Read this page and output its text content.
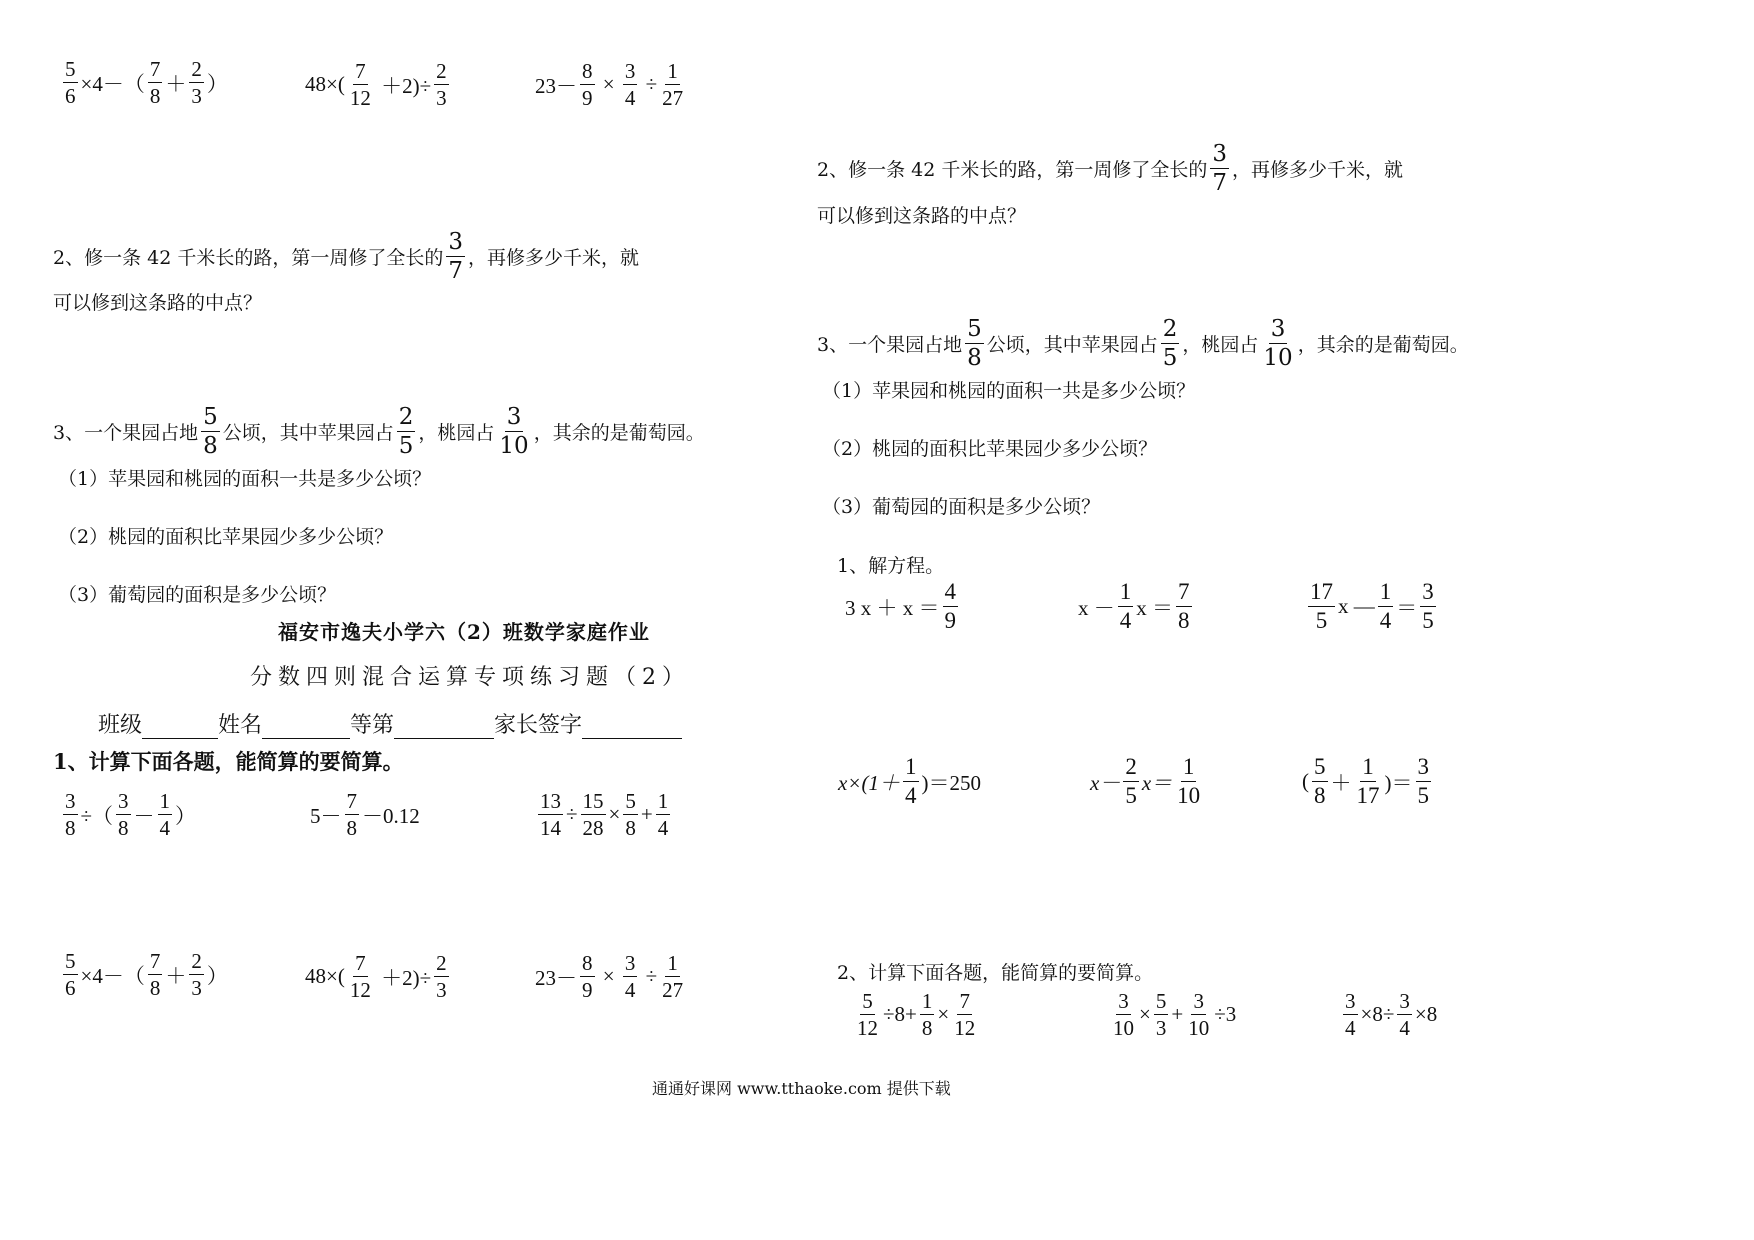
$\frac{5}{6} \times 4-( \frac{7}{8} + \frac{2}{3}$ ）	$48\times( \frac{7}{12} +2)\div \frac{2}{3}$	$23- \frac{8}{9} \times \frac{3}{4} \div \frac{1}{27}$
2、修一条 42 千米长的路，第一周修了全长的 $\frac{3}{7}$ ，再修多少千米，就
可以修到这条路的中点？
3、一个果园占地 $\frac{5}{8}$ 公顷，其中苹果园占 $\frac{2}{5}$ ，桃园占 $\frac{3}{10}$ ，其余的是葡萄园。
（1）苹果园和桃园的面积一共是多少公顷？
（2）桃园的面积比苹果园少多少公顷？
（3）葡萄园的面积是多少公顷？
福安市逸夫小学六（2）班数学家庭作业
分数四则混合运算专项练习题（2）
班级	姓名	等第	家长签字
1、计算下面各题，能简算的要简算。
$\frac{3}{8}$ ÷（ $\frac{3}{8} - \frac{1}{4}$ ）	$5- \frac{7}{8} -0.12$	$\frac{13}{14} \div \frac{15}{28} \times \frac{5}{8} + \frac{1}{4}$
$\frac{5}{6} \times 4-( \frac{7}{8} + \frac{2}{3}$ ）	$48\times( \frac{7}{12} +2)\div \frac{2}{3}$	$23- \frac{8}{9} \times \frac{3}{4} \div \frac{1}{27}$
2、修一条 42 千米长的路，第一周修了全长的 $\frac{3}{7}$ ，再修多少千米，就
可以修到这条路的中点？
3、一个果园占地 $\frac{5}{8}$ 公顷，其中苹果园占 $\frac{2}{5}$ ，桃园占 $\frac{3}{10}$ ，其余的是葡萄园。
（1）苹果园和桃园的面积一共是多少公顷？
（2）桃园的面积比苹果园少多少公顷？
（3）葡萄园的面积是多少公顷？
1、解方程。
3 $x + x = \frac{4}{9}$	$x - \frac{1}{4}$ $x = \frac{7}{8}$	$\frac{17}{5}$ x — $\frac{1}{4} = \frac{3}{5}$
$x\times(1+ \frac{1}{4} )=250$	$x- \frac{2}{5} x= \frac{1}{10}$	( $\frac{5}{8} + \frac{1}{17}$ )＝ $\frac{3}{5}$
2、计算下面各题，能简算的要简算。
$\frac{5}{12} \div 8+ \frac{1}{8} \times \frac{7}{12}$	$\frac{3}{10} \times \frac{5}{3} + \frac{3}{10} \div 3$	$\frac{3}{4} \times 8\div \frac{3}{4} \times 8$
通通好课网 www.tthaoke.com 提供下载
